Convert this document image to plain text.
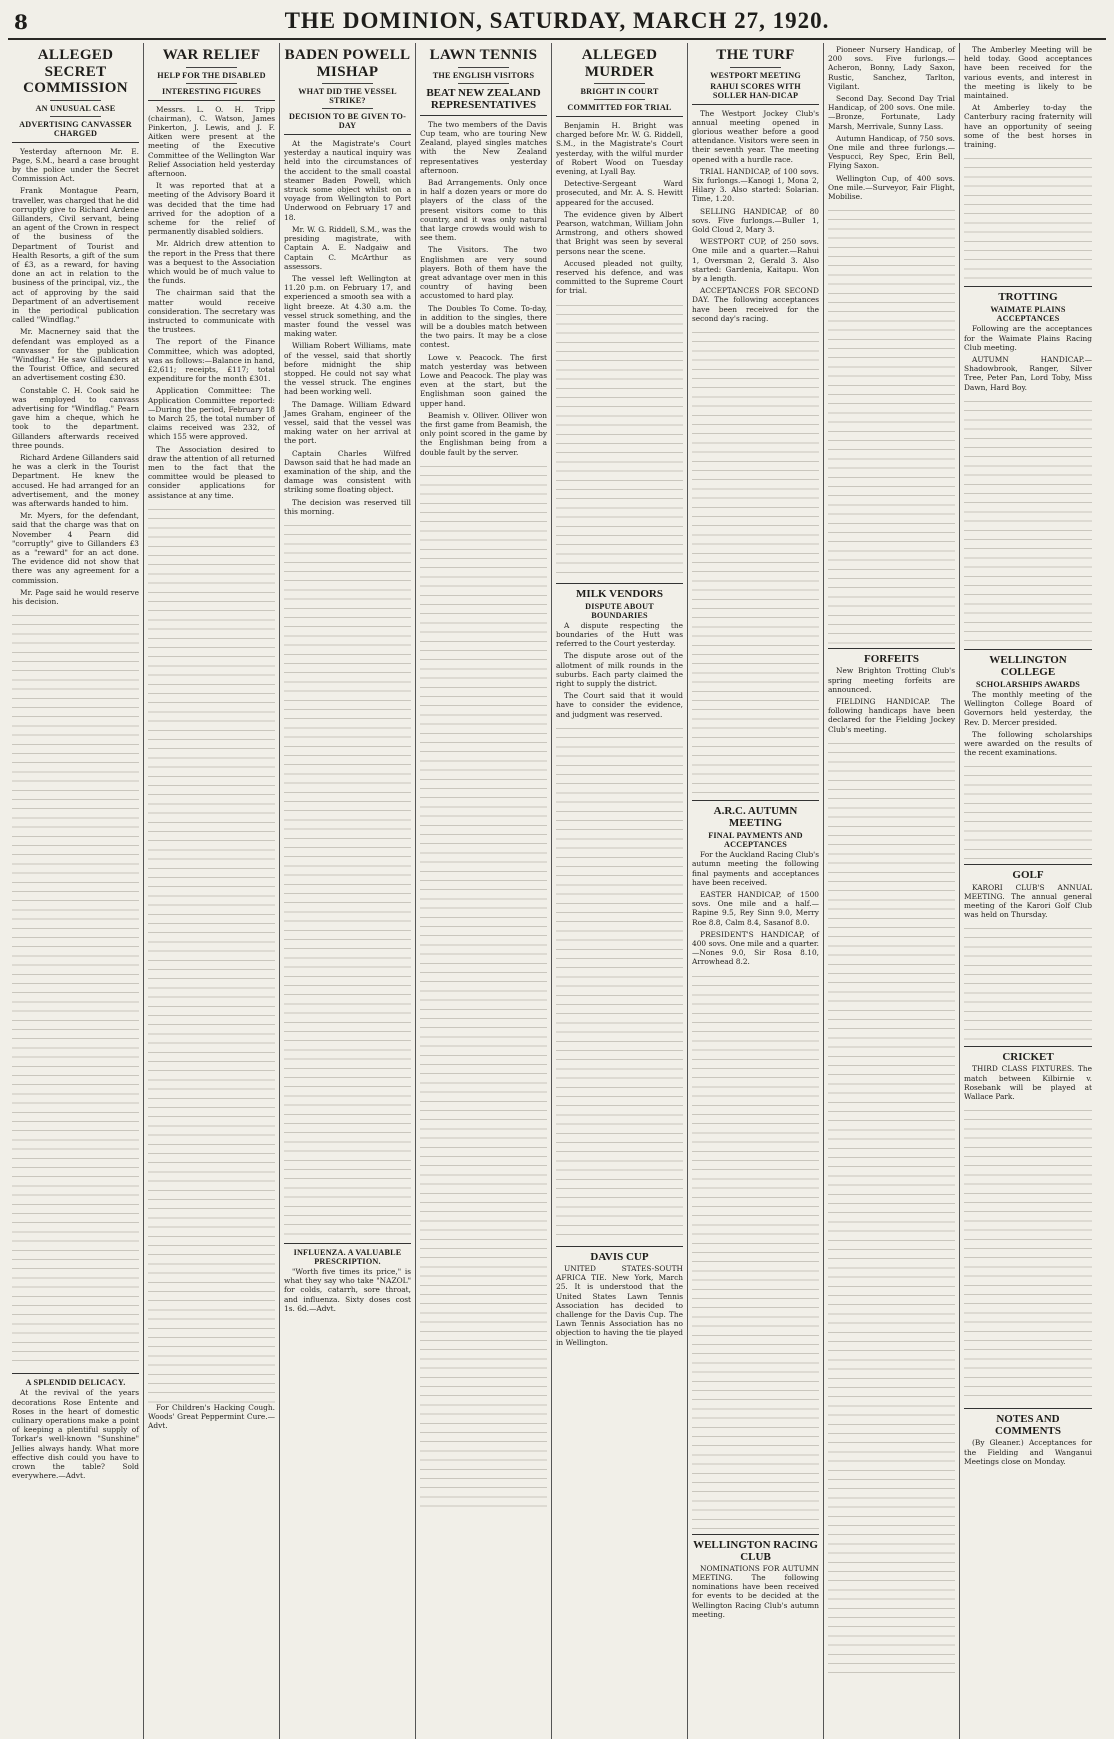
8	THE DOMINION, SATURDAY, MARCH 27, 1920.
ALLEGED SECRET COMMISSION
AN UNUSUAL CASE
ADVERTISING CANVASSER CHARGED

Yesterday afternoon Mr. E. Page, S.M., heard a case brought by the police under the Secret Commission Act.

Frank Montague Pearn, traveller, was charged that he did corruptly give to Richard Ardene Gillanders, Civil servant, being an agent of the Crown in respect of the business of the Department of Tourist and Health Resorts, a gift of the sum of £3, as a reward, for having done an act in relation to the business of the principal, viz., the act of approving by the said Department of an advertisement in the periodical publication called "Windflag."

Mr. Macnerney said that the defendant was employed as a canvasser for the publication "Windflag." He saw Gillanders at the Tourist Office, and secured an advertisement costing £30.

Constable C. H. Cook said he was employed to canvass advertising for "Windflag." Pearn gave him a cheque, which he took to the department. Gillanders afterwards received three pounds.

Richard Ardene Gillanders said he was a clerk in the Tourist Department. He knew the accused. He had arranged for an advertisement, and the money was afterwards handed to him.

Mr. Myers, for the defendant, said that the charge was that on November 4 Pearn did "corruptly" give to Gillanders £3 as a "reward" for an act done. The evidence did not show that there was any agreement for a commission.

Mr. Page said he would reserve his decision.

A SPLENDID DELICACY.

At the revival of the years decorations Rose Entente and Roses in the heart of domestic culinary operations make a point of keeping a plentiful supply of Torkar's well-known "Sunshine" Jellies always handy. What more effective dish could you have to crown the table? Sold everywhere.—Advt.

WAR RELIEF
HELP FOR THE DISABLED
INTERESTING FIGURES

Messrs. L. O. H. Tripp (chairman), C. Watson, James Pinkerton, J. Lewis, and J. F. Aitken were present at the meeting of the Executive Committee of the Wellington War Relief Association held yesterday afternoon.

It was reported that at a meeting of the Advisory Board it was decided that the time had arrived for the adoption of a scheme for the relief of permanently disabled soldiers.

Mr. Aldrich drew attention to the report in the Press that there was a bequest to the Association which would be of much value to the funds.

The chairman said that the matter would receive consideration. The secretary was instructed to communicate with the trustees.

The report of the Finance Committee, which was adopted, was as follows:—Balance in hand, £2,611; receipts, £117; total expenditure for the month £301.

Application Committee: The Application Committee reported:—During the period, February 18 to March 25, the total number of claims received was 232, of which 155 were approved.

The Association desired to draw the attention of all returned men to the fact that the committee would be pleased to consider applications for assistance at any time.

For Children's Hacking Cough. Woods' Great Peppermint Cure.—Advt.

BADEN POWELL MISHAP
WHAT DID THE VESSEL STRIKE?
DECISION TO BE GIVEN TO-DAY

At the Magistrate's Court yesterday a nautical inquiry was held into the circumstances of the accident to the small coastal steamer Baden Powell, which struck some object whilst on a voyage from Wellington to Port Underwood on February 17 and 18.

Mr. W. G. Riddell, S.M., was the presiding magistrate, with Captain A. E. Nadgaiw and Captain C. McArthur as assessors.

The vessel left Wellington at 11.20 p.m. on February 17, and experienced a smooth sea with a light breeze. At 4.30 a.m. the vessel struck something, and the master found the vessel was making water.

William Robert Williams, mate of the vessel, said that shortly before midnight the ship stopped. He could not say what the vessel struck. The engines had been working well.

The Damage. William Edward James Graham, engineer of the vessel, said that the vessel was making water on her arrival at the port.

Captain Charles Wilfred Dawson said that he had made an examination of the ship, and the damage was consistent with striking some floating object.

The decision was reserved till this morning.

INFLUENZA. A VALUABLE PRESCRIPTION.

"Worth five times its price," is what they say who take "NAZOL" for colds, catarrh, sore throat, and influenza. Sixty doses cost 1s. 6d.—Advt.

LAWN TENNIS
THE ENGLISH VISITORS
BEAT NEW ZEALAND REPRESENTATIVES

The two members of the Davis Cup team, who are touring New Zealand, played singles matches with the New Zealand representatives yesterday afternoon.

Bad Arrangements. Only once in half a dozen years or more do players of the class of the present visitors come to this country, and it was only natural that large crowds would wish to see them.

The Visitors. The two Englishmen are very sound players. Both of them have the great advantage over men in this country of having been accustomed to hard play.

The Doubles To Come. To-day, in addition to the singles, there will be a doubles match between the two pairs. It may be a close contest.

Lowe v. Peacock. The first match yesterday was between Lowe and Peacock. The play was even at the start, but the Englishman soon gained the upper hand.

Beamish v. Olliver. Olliver won the first game from Beamish, the only point scored in the game by the Englishman being from a double fault by the server.

ALLEGED MURDER
BRIGHT IN COURT
COMMITTED FOR TRIAL

Benjamin H. Bright was charged before Mr. W. G. Riddell, S.M., in the Magistrate's Court yesterday, with the wilful murder of Robert Wood on Tuesday evening, at Lyall Bay.

Detective-Sergeant Ward prosecuted, and Mr. A. S. Hewitt appeared for the accused.

The evidence given by Albert Pearson, watchman, William John Armstrong, and others showed that Bright was seen by several persons near the scene.

Accused pleaded not guilty, reserved his defence, and was committed to the Supreme Court for trial.

MILK VENDORS
DISPUTE ABOUT BOUNDARIES

A dispute respecting the boundaries of the Hutt was referred to the Court yesterday.

The dispute arose out of the allotment of milk rounds in the suburbs. Each party claimed the right to supply the district.

The Court said that it would have to consider the evidence, and judgment was reserved.

DAVIS CUP

UNITED STATES-SOUTH AFRICA TIE. New York, March 25. It is understood that the United States Lawn Tennis Association has decided to challenge for the Davis Cup. The Lawn Tennis Association has no objection to having the tie played in Wellington.

THE TURF
WESTPORT MEETING
RAHUI SCORES WITH SOLLER HAN-DICAP

The Westport Jockey Club's annual meeting opened in glorious weather before a good attendance. Visitors were seen in their seventh year. The meeting opened with a hurdle race.

TRIAL HANDICAP, of 100 sovs. Six furlongs.—Kanogi 1, Mona 2, Hilary 3. Also started: Solarian. Time, 1.20.

SELLING HANDICAP, of 80 sovs. Five furlongs.—Buller 1, Gold Cloud 2, Mary 3.

WESTPORT CUP, of 250 sovs. One mile and a quarter.—Rahui 1, Oversman 2, Gerald 3. Also started: Gardenia, Kaitapu. Won by a length.

ACCEPTANCES FOR SECOND DAY. The following acceptances have been received for the second day's racing.

A.R.C. AUTUMN MEETING
FINAL PAYMENTS AND ACCEPTANCES

For the Auckland Racing Club's autumn meeting the following final payments and acceptances have been received.

EASTER HANDICAP, of 1500 sovs. One mile and a half.—Rapine 9.5, Rey Sinn 9.0, Merry Roe 8.8, Calm 8.4, Sasanof 8.0.

PRESIDENT'S HANDICAP, of 400 sovs. One mile and a quarter.—Nones 9.0, Sir Rosa 8.10, Arrowhead 8.2.

WELLINGTON RACING CLUB

NOMINATIONS FOR AUTUMN MEETING. The following nominations have been received for events to be decided at the Wellington Racing Club's autumn meeting.

Pioneer Nursery Handicap, of 200 sovs. Five furlongs.—Acheron, Bonny, Lady Saxon, Rustic, Sanchez, Tarlton, Vigilant.

Second Day. Second Day Trial Handicap, of 200 sovs. One mile.—Bronze, Fortunate, Lady Marsh, Merrivale, Sunny Lass.

Autumn Handicap, of 750 sovs. One mile and three furlongs.—Vespucci, Rey Spec, Erin Bell, Flying Saxon.

Wellington Cup, of 400 sovs. One mile.—Surveyor, Fair Flight, Mobilise.

FORFEITS

New Brighton Trotting Club's spring meeting forfeits are announced.

FIELDING HANDICAP. The following handicaps have been declared for the Fielding Jockey Club's meeting.

The Amberley Meeting will be held today. Good acceptances have been received for the various events, and interest in the meeting is likely to be maintained.

At Amberley to-day the Canterbury racing fraternity will have an opportunity of seeing some of the best horses in training.

TROTTING
WAIMATE PLAINS ACCEPTANCES

Following are the acceptances for the Waimate Plains Racing Club meeting.

AUTUMN HANDICAP.—Shadowbrook, Ranger, Silver Tree, Peter Pan, Lord Toby, Miss Dawn, Hard Boy.

WELLINGTON COLLEGE
SCHOLARSHIPS AWARDS

The monthly meeting of the Wellington College Board of Governors held yesterday, the Rev. D. Mercer presided.

The following scholarships were awarded on the results of the recent examinations.

GOLF

KARORI CLUB'S ANNUAL MEETING. The annual general meeting of the Karori Golf Club was held on Thursday.

CRICKET

THIRD CLASS FIXTURES. The match between Kilbirnie v. Rosebank will be played at Wallace Park.

NOTES AND COMMENTS

(By Gleaner.) Acceptances for the Fielding and Wanganui Meetings close on Monday.
